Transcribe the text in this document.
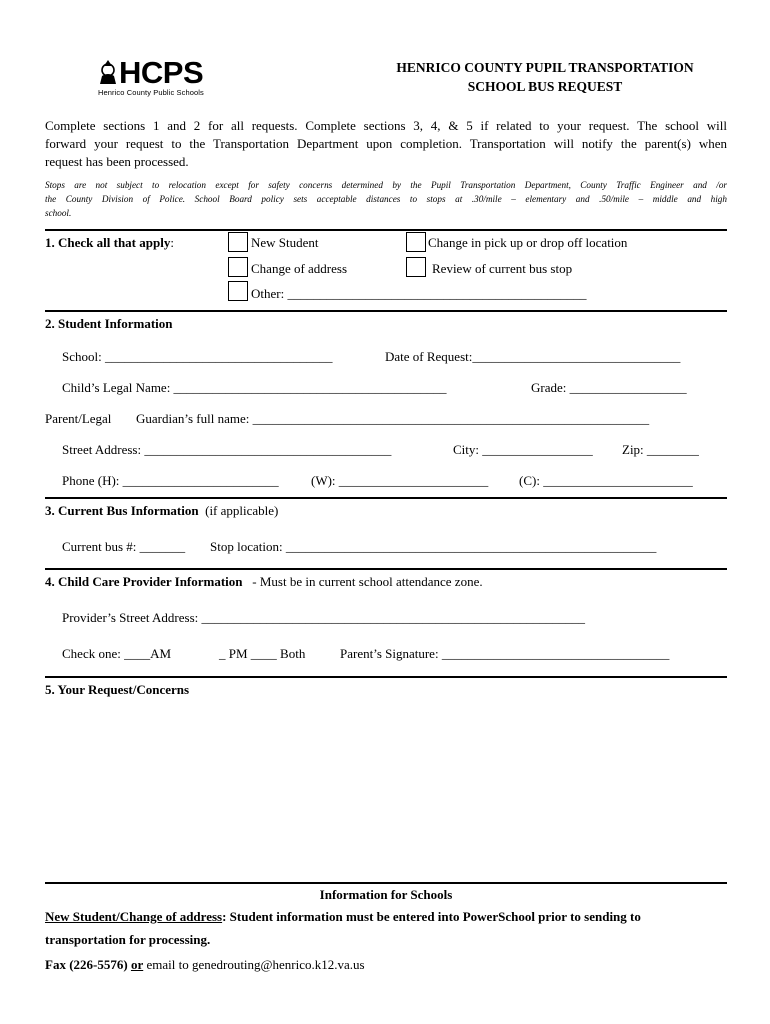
HCPS
Henrico County Public Schools
HENRICO COUNTY PUPIL TRANSPORTATION
SCHOOL BUS REQUEST
Complete sections 1 and 2 for all requests. Complete sections 3, 4, & 5 if related to your request. The school will
forward your request to the Transportation Department upon completion. Transportation will notify the parent(s) when
request has been processed.
Stops are not subject to relocation except for safety concerns determined by the Pupil Transportation Department, County Traffic Engineer and /or
the County Division of Police. School Board policy sets acceptable distances to stops at .30/mile – elementary and .50/mile – middle and high
school.
1. Check all that apply:	New Student	Change in pick up or drop off location
Change of address	Review of current bus stop
Other: ______________________________________________
2. Student Information
School: ___________________________________	Date of Request:________________________________
Child’s Legal Name: __________________________________________	Grade: __________________
Parent/Legal Guardian’s full name: _____________________________________________________________
Street Address: ______________________________________	City: _________________ Zip: ________
Phone (H): ________________________ (W): _______________________ (C): _______________________
3. Current Bus Information (if applicable)
Current bus #: _______ Stop location: _________________________________________________________
4. Child Care Provider Information - Must be in current school attendance zone.
Provider’s Street Address: ___________________________________________________________
Check one: ____AM	_ PM ____ Both	Parent’s Signature: ___________________________________
5. Your Request/Concerns
Information for Schools
New Student/Change of address: Student information must be entered into PowerSchool prior to sending to
transportation for processing.
Fax (226-5576) or email to genedrouting@henrico.k12.va.us
